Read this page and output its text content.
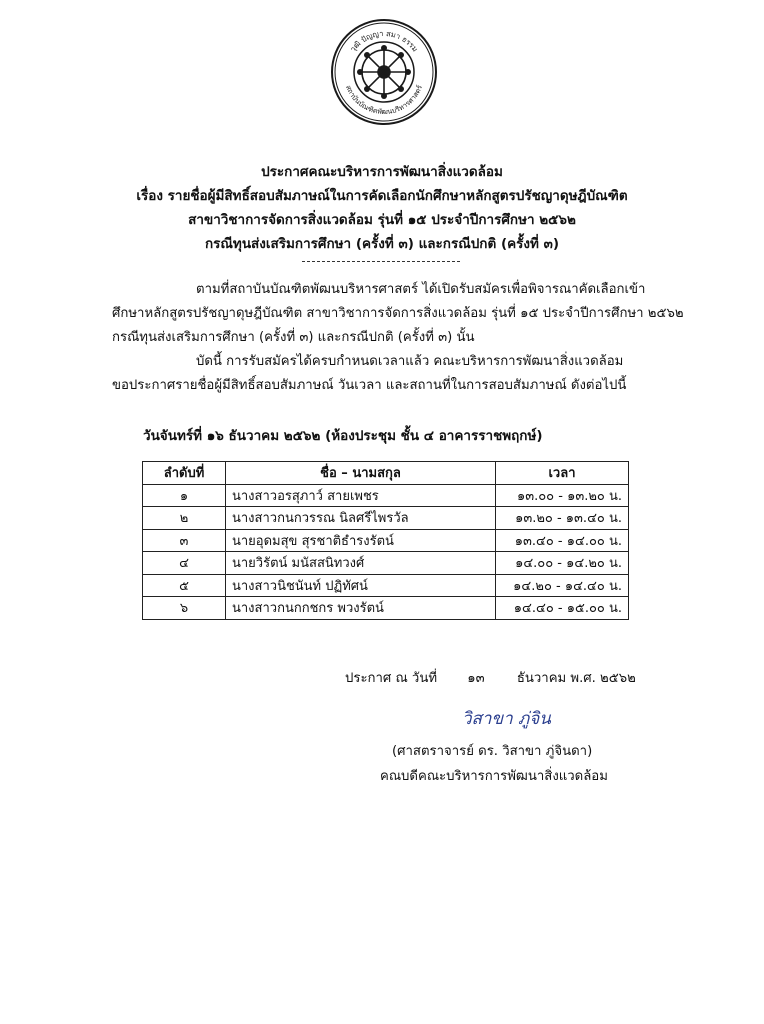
วุฒิ ปัญญา สมา ธรรม
สถาบันบัณฑิตพัฒนบริหารศาสตร์
ประกาศคณะบริหารการพัฒนาสิ่งแวดล้อม
เรื่อง รายชื่อผู้มีสิทธิ์สอบสัมภาษณ์ในการคัดเลือกนักศึกษาหลักสูตรปรัชญาดุษฎีบัณฑิต
สาขาวิชาการจัดการสิ่งแวดล้อม รุ่นที่ ๑๕ ประจำปีการศึกษา ๒๕๖๒
กรณีทุนส่งเสริมการศึกษา (ครั้งที่ ๓) และกรณีปกติ (ครั้งที่ ๓)
ตามที่สถาบันบัณฑิตพัฒนบริหารศาสตร์ ได้เปิดรับสมัครเพื่อพิจารณาคัดเลือกเข้า
ศึกษาหลักสูตรปรัชญาดุษฎีบัณฑิต สาขาวิชาการจัดการสิ่งแวดล้อม รุ่นที่ ๑๕ ประจำปีการศึกษา ๒๕๖๒
กรณีทุนส่งเสริมการศึกษา (ครั้งที่ ๓) และกรณีปกติ (ครั้งที่ ๓) นั้น
บัดนี้ การรับสมัครได้ครบกำหนดเวลาแล้ว คณะบริหารการพัฒนาสิ่งแวดล้อม
ขอประกาศรายชื่อผู้มีสิทธิ์สอบสัมภาษณ์ วันเวลา และสถานที่ในการสอบสัมภาษณ์ ดังต่อไปนี้
วันจันทร์ที่ ๑๖ ธันวาคม ๒๕๖๒ (ห้องประชุม ชั้น ๔ อาคารราชพฤกษ์)
ลำดับที่	ชื่อ – นามสกุล	เวลา
๑	นางสาวอรสุภาว์ สายเพชร	๑๓.๐๐ - ๑๓.๒๐ น.
๒	นางสาวกนกวรรณ นิลศรีไพรวัล	๑๓.๒๐ - ๑๓.๔๐ น.
๓	นายอุดมสุข สุรชาติธำรงรัตน์	๑๓.๔๐ - ๑๔.๐๐ น.
๔	นายวิรัตน์ มนัสสนิทวงศ์	๑๔.๐๐ - ๑๔.๒๐ น.
๕	นางสาวนิชนันท์ ปฏิทัศน์	๑๔.๒๐ - ๑๔.๔๐ น.
๖	นางสาวกนกกชกร พวงรัตน์	๑๔.๔๐ - ๑๕.๐๐ น.
ประกาศ ณ วันที่ ๑๓ ธันวาคม พ.ศ. ๒๕๖๒
วิสาขา ภู่จิน
(ศาสตราจารย์ ดร. วิสาขา ภู่จินดา)
คณบดีคณะบริหารการพัฒนาสิ่งแวดล้อม
